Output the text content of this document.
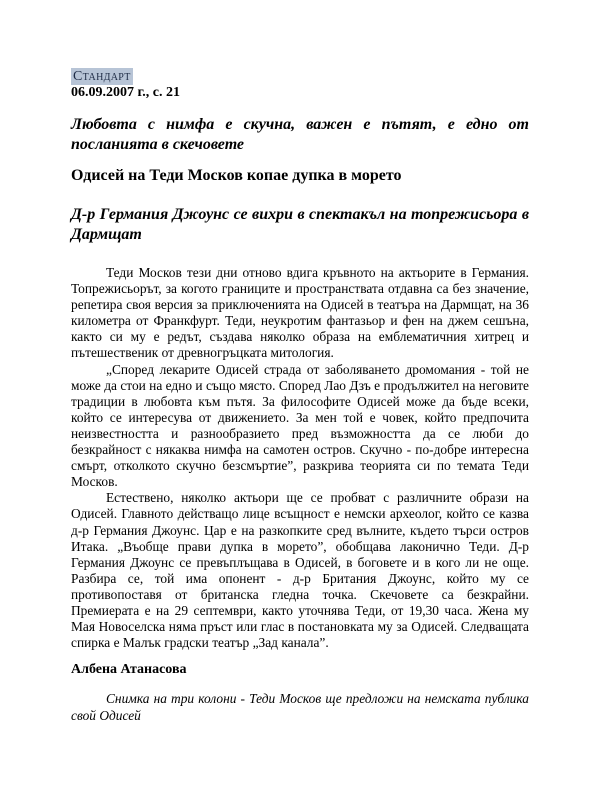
Стандарт
06.09.2007 г., с. 21
Любовта с нимфа е скучна, важен е пътят, е едно от посланията в скечовете
Одисей на Теди Москов копае дупка в морето
Д-р Германия Джоунс се вихри в спектакъл на топрежисьора в Дармщат

Теди Москов тези дни отново вдига кръвното на актьорите в Германия. Топрежисьорът, за когото границите и пространствата отдавна са без значение, репетира своя версия за приключенията на Одисей в театъра на Дармщат, на 36 километра от Франкфурт. Теди, неукротим фантазьор и фен на джем сешъна, както си му е редът, създава няколко образа на емблематичния хитрец и пътешественик от древногръцката митология.

„Според лекарите Одисей страда от заболяването дромомания - той не може да стои на едно и също място. Според Лао Дзъ е продължител на неговите традиции в любовта към пътя. За философите Одисей може да бъде всеки, който се интересува от движението. За мен той е човек, който предпочита неизвестността и разнообразието пред възможността да се люби до безкрайност с някаква нимфа на самотен остров. Скучно - по-добре интересна смърт, отколкото скучно безсмъртие”, разкрива теорията си по темата Теди Москов.

Естествено, няколко актьори ще се пробват с различните образи на Одисей. Главното действащо лице всъщност е немски археолог, който се казва д-р Германия Джоунс. Цар е на разкопките сред вълните, където търси остров Итака. „Въобще прави дупка в морето”, обобщава лаконично Теди. Д-р Германия Джоунс се превъплъщава в Одисей, в боговете и в кого ли не още. Разбира се, той има опонент - д-р Британия Джоунс, който му се противопоставя от британска гледна точка. Скечовете са безкрайни. Премиерата е на 29 септември, както уточнява Теди, от 19,30 часа. Жена му Мая Новоселска няма пръст или глас в постановката му за Одисей. Следващата спирка е Малък градски театър „Зад канала”.

Албена Атанасова
Снимка на три колони - Теди Москов ще предложи на немската публика свой Одисей
